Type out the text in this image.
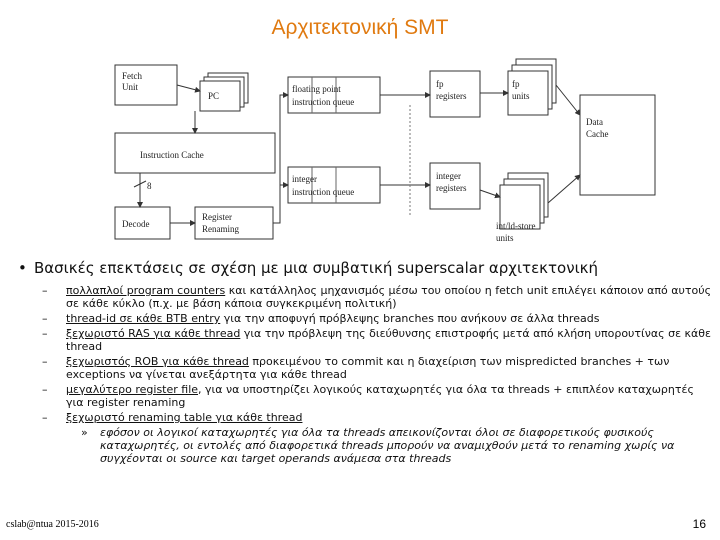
Αρχιτεκτονική SMT
Fetch
Unit
PC
Instruction Cache
8
Decode
Register
Renaming
floating point
instruction queue
integer
instruction queue
fp
registers
integer
registers
fp
units
int/ld-store
units
Data
Cache
• Βασικές επεκτάσεις σε σχέση με μια συμβατική superscalar αρχιτεκτονική
– πολλαπλοί program counters και κατάλληλος μηχανισμός μέσω του οποίου η fetch unit επιλέγει κάποιον από αυτούς σε κάθε κύκλο (π.χ. με βάση κάποια συγκεκριμένη πολιτική)
– thread-id σε κάθε BTB entry για την αποφυγή πρόβλεψης branches που ανήκουν σε άλλα threads
– ξεχωριστό RAS για κάθε thread για την πρόβλεψη της διεύθυνσης επιστροφής μετά από κλήση υπορουτίνας σε κάθε thread
– ξεχωριστός ROB για κάθε thread προκειμένου το commit και η διαχείριση των mispredicted branches + των exceptions να γίνεται ανεξάρτητα για κάθε thread
– μεγαλύτερο register file, για να υποστηρίζει λογικούς καταχωρητές για όλα τα threads + επιπλέον καταχωρητές για register renaming
– ξεχωριστό renaming table για κάθε thread
» εφόσον οι λογικοί καταχωρητές για όλα τα threads απεικονίζονται όλοι σε διαφορετικούς φυσικούς καταχωρητές, οι εντολές από διαφορετικά threads μπορούν να αναμιχθούν μετά το renaming χωρίς να συγχέονται οι source και target operands ανάμεσα στα threads
cslab@ntua 2015-2016	16
